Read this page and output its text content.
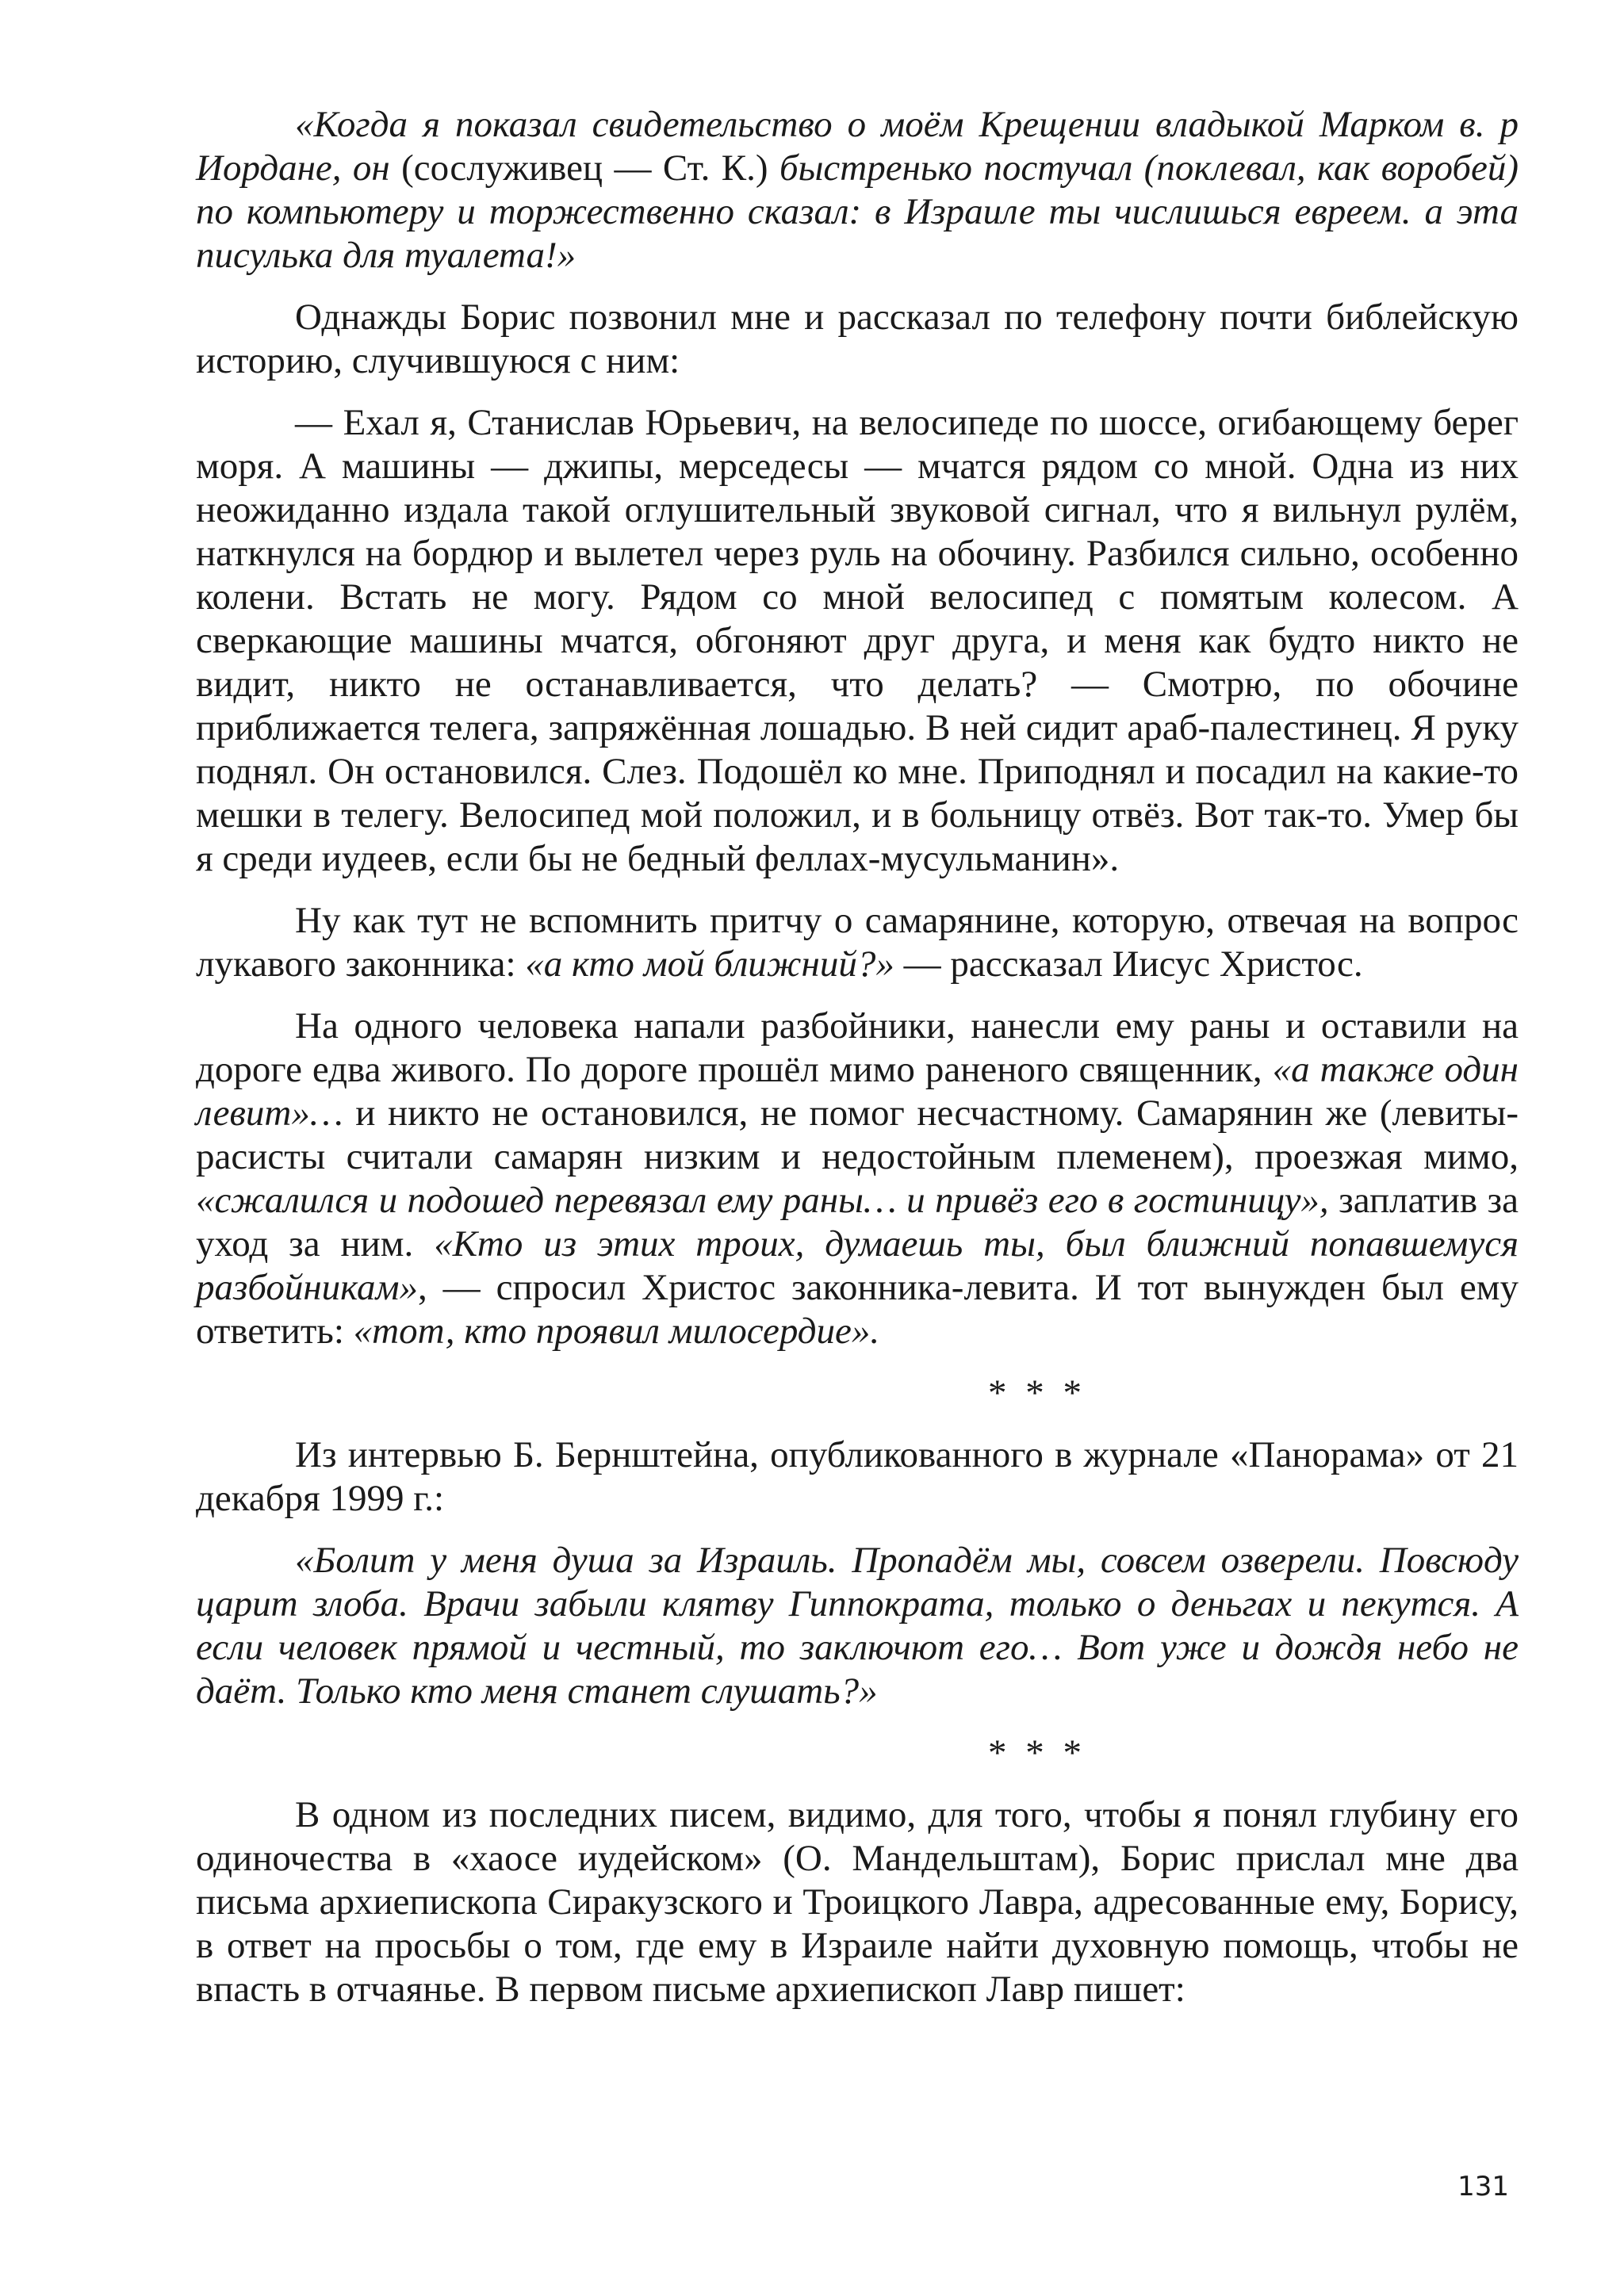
«Когда я показал свидетельство о моём Крещении владыкой Марком в. р Иордане, он (сослуживец — Ст. К.) быстренько постучал (поклевал, как воробей) по компьютеру и торжественно сказал: в Израиле ты числишься евреем. а эта писулька для туалета!»

Однажды Борис позвонил мне и рассказал по телефону почти библейскую историю, случившуюся с ним:

— Ехал я, Станислав Юрьевич, на велосипеде по шоссе, огибающему берег моря. А машины — джипы, мерседесы — мчатся рядом со мной. Одна из них неожиданно издала такой оглушительный звуковой сигнал, что я вильнул рулём, наткнулся на бордюр и вылетел через руль на обочину. Разбился сильно, особенно колени. Встать не могу. Рядом со мной велосипед с помятым колесом. А сверкающие машины мчатся, обгоняют друг друга, и меня как будто никто не видит, никто не останавливается, что делать? — Смотрю, по обочине приближается телега, запряжённая лошадью. В ней сидит араб-палестинец. Я руку поднял. Он остановился. Слез. Подошёл ко мне. Приподнял и посадил на какие-то мешки в телегу. Велосипед мой положил, и в больницу отвёз. Вот так-то. Умер бы я среди иудеев, если бы не бедный феллах-мусульманин».

Ну как тут не вспомнить притчу о самарянине, которую, отвечая на вопрос лукавого законника: «а кто мой ближний?» — рассказал Иисус Христос.

На одного человека напали разбойники, нанесли ему раны и оставили на дороге едва живого. По дороге прошёл мимо раненого священник, «а также один левит»… и никто не остановился, не помог несчастному. Самарянин же (левиты-расисты считали самарян низким и недостойным племенем), проезжая мимо, «сжалился и подошед перевязал ему раны… и привёз его в гостиницу», заплатив за уход за ним. «Кто из этих троих, думаешь ты, был ближний попавшемуся разбойникам», — спросил Христос законника-левита. И тот вынужден был ему ответить: «тот, кто проявил милосердие».

* * *

Из интервью Б. Бернштейна, опубликованного в журнале «Панорама» от 21 декабря 1999 г.:

«Болит у меня душа за Израиль. Пропадём мы, совсем озверели. Повсюду царит злоба. Врачи забыли клятву Гиппократа, только о деньгах и пекутся. А если человек прямой и честный, то заключют его… Вот уже и дождя небо не даёт. Только кто меня станет слушать?»

* * *

В одном из последних писем, видимо, для того, чтобы я понял глубину его одиночества в «хаосе иудейском» (О. Мандельштам), Борис прислал мне два письма архиепископа Сиракузского и Троицкого Лавра, адресованные ему, Борису, в ответ на просьбы о том, где ему в Израиле найти духовную помощь, чтобы не впасть в отчаянье. В первом письме архиепископ Лавр пишет:

131
